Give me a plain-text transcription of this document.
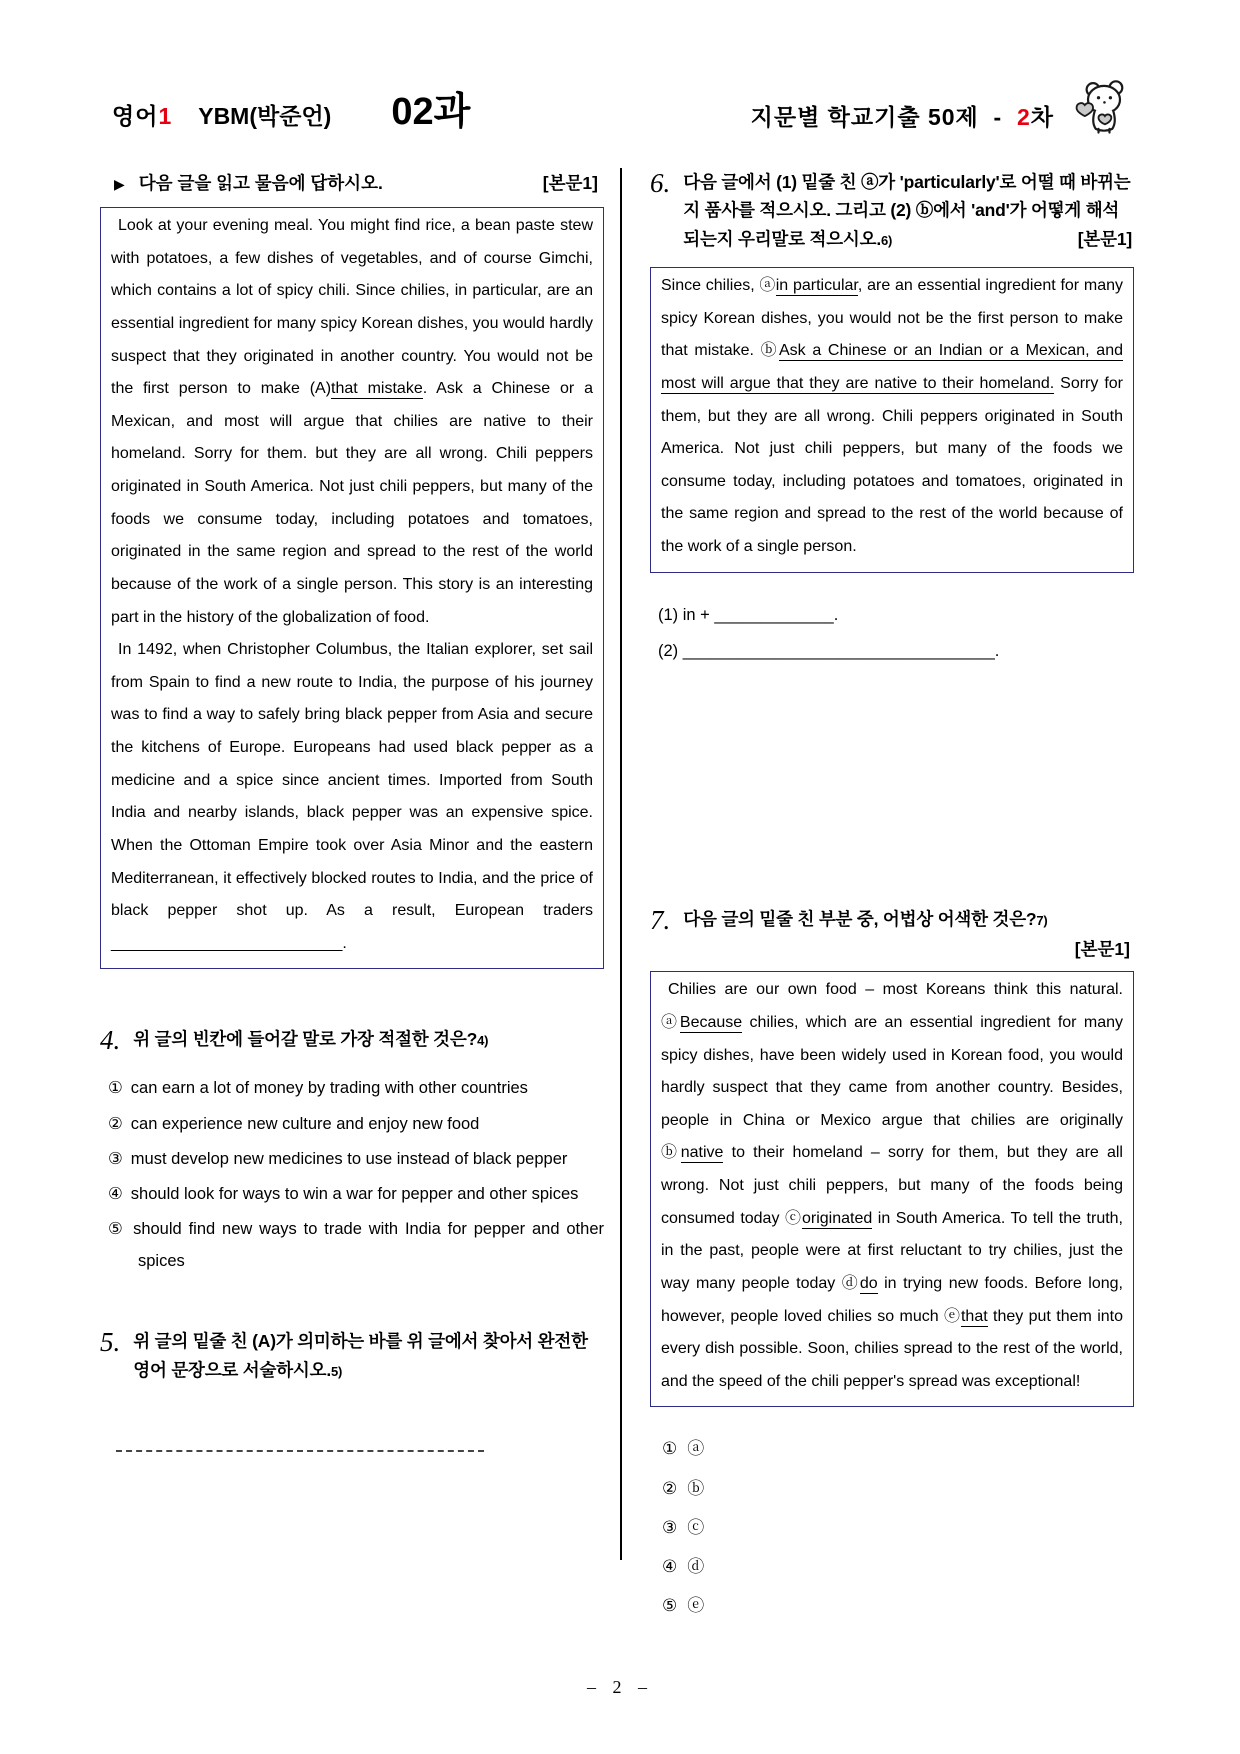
영어1 YBM(박준언) 02과	지문별 학교기출 50제 - 2차
▶ 다음 글을 읽고 물음에 답하시오.	[본문1]
Look at your evening meal. You might find rice, a bean paste stew with potatoes, a few dishes of vegetables, and of course Gimchi, which contains a lot of spicy chili. Since chilies, in particular, are an essential ingredient for many spicy Korean dishes, you would hardly suspect that they originated in another country. You would not be the first person to make (A)that mistake. Ask a Chinese or a Mexican, and most will argue that chilies are native to their homeland. Sorry for them. but they are all wrong. Chili peppers originated in South America. Not just chili peppers, but many of the foods we consume today, including potatoes and tomatoes, originated in the same region and spread to the rest of the world because of the work of a single person. This story is an interesting part in the history of the globalization of food.
In 1492, when Christopher Columbus, the Italian explorer, set sail from Spain to find a new route to India, the purpose of his journey was to find a way to safely bring black pepper from Asia and secure the kitchens of Europe. Europeans had used black pepper as a medicine and a spice since ancient times. Imported from South India and nearby islands, black pepper was an expensive spice. When the Ottoman Empire took over Asia Minor and the eastern Mediterranean, it effectively blocked routes to India, and the price of black pepper shot up. As a result, European traders __________________________.
4. 위 글의 빈칸에 들어갈 말로 가장 적절한 것은?4)
① can earn a lot of money by trading with other countries
② can experience new culture and enjoy new food
③ must develop new medicines to use instead of black pepper
④ should look for ways to win a war for pepper and other spices
⑤ should find new ways to trade with India for pepper and other spices
5. 위 글의 밑줄 친 (A)가 의미하는 바를 위 글에서 찾아서 완전한 영어 문장으로 서술하시오.5)
6. 다음 글에서 (1) 밑줄 친 ⓐ가 'particularly'로 어떨 때 바뀌는지 품사를 적으시오. 그리고 (2) ⓑ에서 'and'가 어떻게 해석되는지 우리말로 적으시오.6)	[본문1]
Since chilies, ⓐin particular, are an essential ingredient for many spicy Korean dishes, you would not be the first person to make that mistake. ⓑAsk a Chinese or an Indian or a Mexican, and most will argue that they are native to their homeland. Sorry for them, but they are all wrong. Chili peppers originated in South America. Not just chili peppers, but many of the foods we consume today, including potatoes and tomatoes, originated in the same region and spread to the rest of the world because of the work of a single person.
(1) in + _____________.
(2) __________________________________.
7. 다음 글의 밑줄 친 부분 중, 어법상 어색한 것은?7)
[본문1]
Chilies are our own food – most Koreans think this natural. ⓐBecause chilies, which are an essential ingredient for many spicy dishes, have been widely used in Korean food, you would hardly suspect that they came from another country. Besides, people in China or Mexico argue that chilies are originally ⓑnative to their homeland – sorry for them, but they are all wrong. Not just chili peppers, but many of the foods being consumed today ⓒoriginated in South America. To tell the truth, in the past, people were at first reluctant to try chilies, just the way many people today ⓓdo in trying new foods. Before long, however, people loved chilies so much ⓔthat they put them into every dish possible. Soon, chilies spread to the rest of the world, and the speed of the chili pepper's spread was exceptional!
① ⓐ
② ⓑ
③ ⓒ
④ ⓓ
⑤ ⓔ
– 2 –
